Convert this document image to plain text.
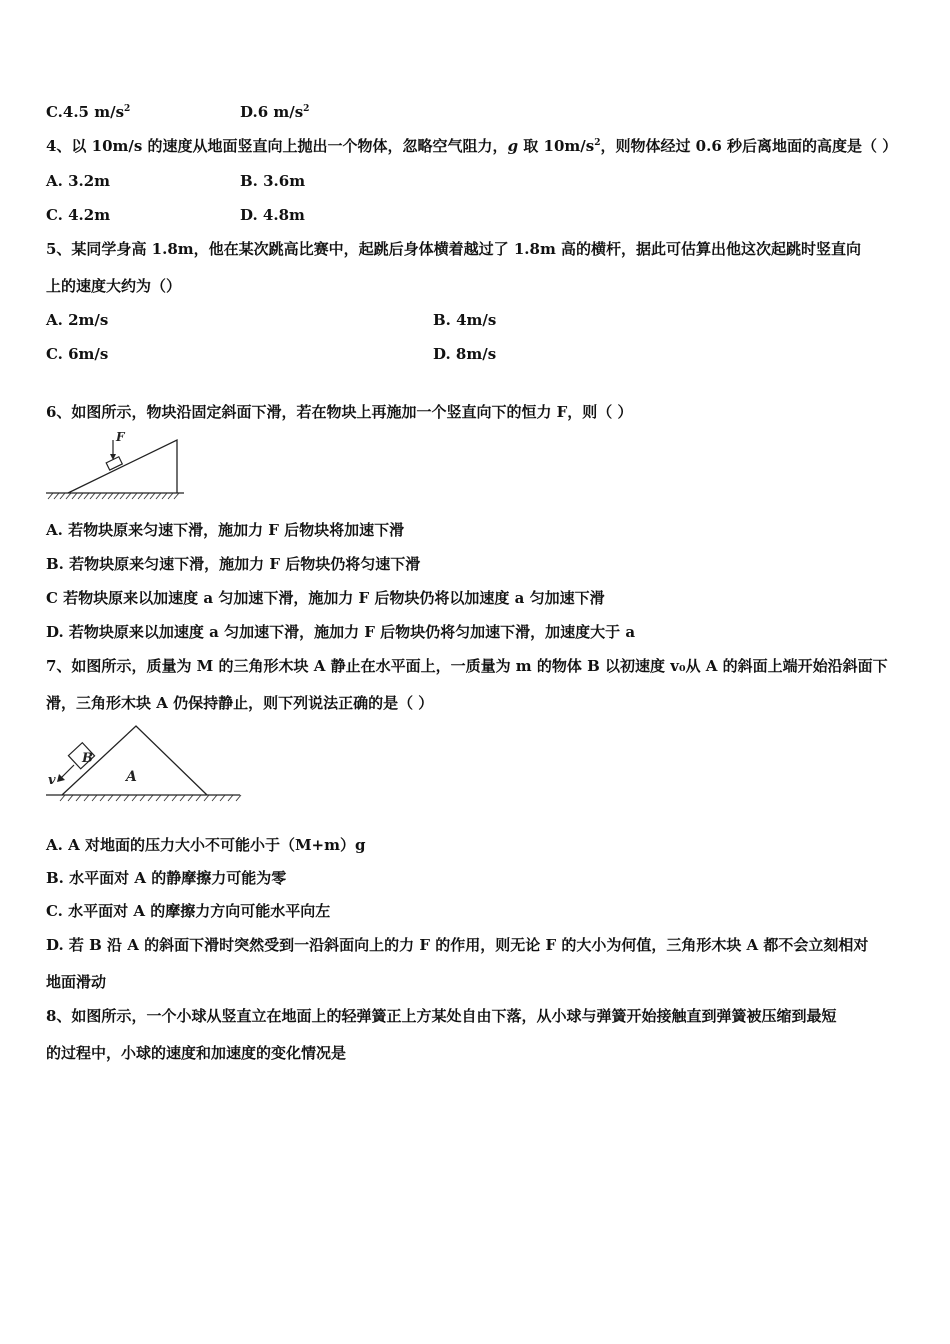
C.4.5 $m/s^2$	D.6 $m/s^2$
4、以 10m/s 的速度从地面竖直向上抛出一个物体，忽略空气阻力，g 取 $10m/s^2$，则物体经过 0.6 秒后离地面的高度是（ ）
A. 3.2m	B. 3.6m
C. 4.2m	D. 4.8m
5、某同学身高 1.8m，他在某次跳高比赛中，起跳后身体横着越过了 1.8m 高的横杆，据此可估算出他这次起跳时竖直向
上的速度大约为（）
A. 2m/s	B. 4m/s
C. 6m/s	D. 8m/s
6、如图所示，物块沿固定斜面下滑，若在物块上再施加一个竖直向下的恒力 F，则（ ）
F
A. 若物块原来匀速下滑，施加力 F 后物块将加速下滑
B. 若物块原来匀速下滑，施加力 F 后物块仍将匀速下滑
C 若物块原来以加速度 a 匀加速下滑，施加力 F 后物块仍将以加速度 a 匀加速下滑
D. 若物块原来以加速度 a 匀加速下滑，施加力 F 后物块仍将匀加速下滑，加速度大于 a
7、如图所示，质量为 M 的三角形木块 A 静止在水平面上，一质量为 m 的物体 B 以初速度 v₀从 A 的斜面上端开始沿斜面下
滑，三角形木块 A 仍保持静止，则下列说法正确的是（ ）
A
B
v
A. A 对地面的压力大小不可能小于（M+m）g
B. 水平面对 A 的静摩擦力可能为零
C. 水平面对 A 的摩擦力方向可能水平向左
D. 若 B 沿 A 的斜面下滑时突然受到一沿斜面向上的力 F 的作用，则无论 F 的大小为何值，三角形木块 A 都不会立刻相对
地面滑动
8、如图所示，一个小球从竖直立在地面上的轻弹簧正上方某处自由下落，从小球与弹簧开始接触直到弹簧被压缩到最短
的过程中，小球的速度和加速度的变化情况是
